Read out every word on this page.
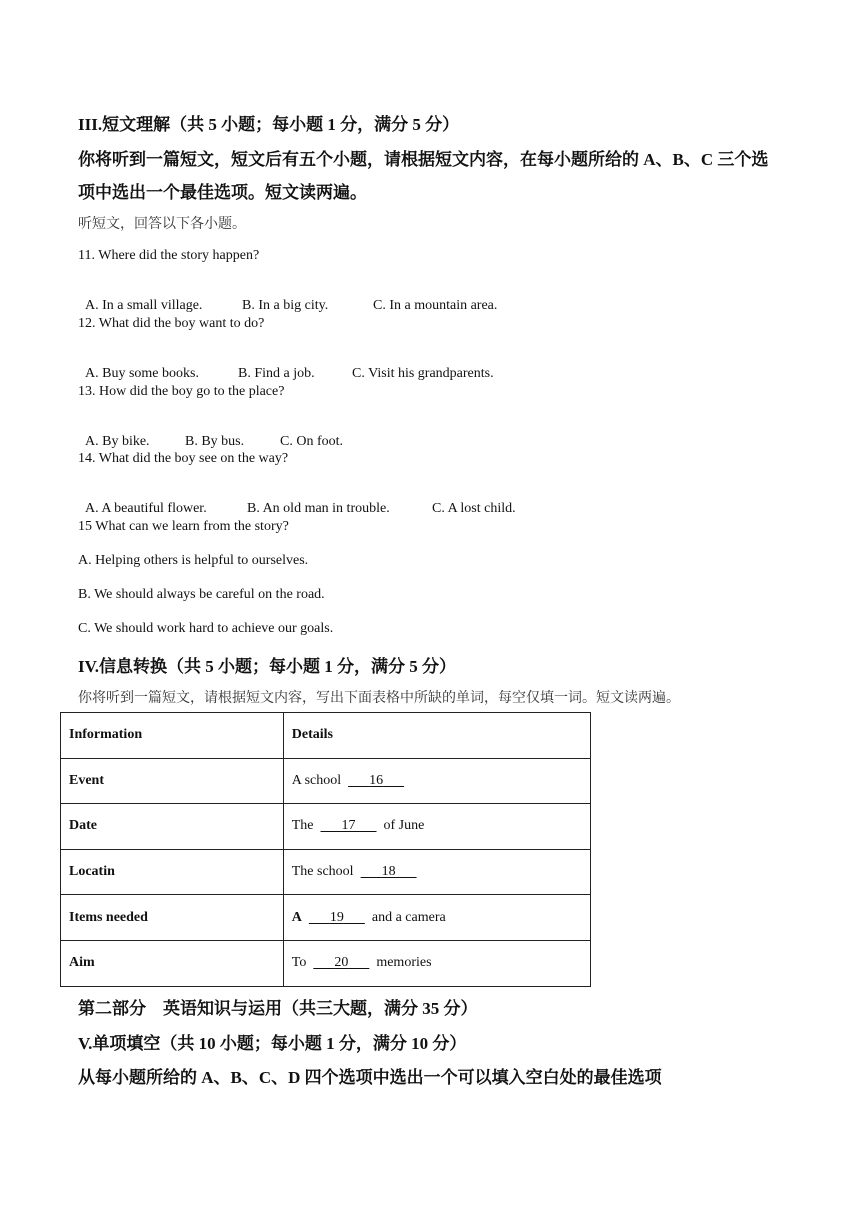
III.短文理解（共 5 小题；每小题 1 分，满分 5 分）
你将听到一篇短文，短文后有五个小题，请根据短文内容，在每小题所给的 A、B、C 三个选
项中选出一个最佳选项。短文读两遍。
听短文，回答以下各小题。
11. Where did the story happen?

A. In a small village.	B. In a big city.	C. In a mountain area.

12. What did the boy want to do?

A. Buy some books.	B. Find a job.	C. Visit his grandparents.

13. How did the boy go to the place?

A. By bike.	B. By bus.	C. On foot.

14. What did the boy see on the way?

A. A beautiful flower.	B. An old man in trouble.	C. A lost child.

15 What can we learn from the story?
A. Helping others is helpful to ourselves.
B. We should always be careful on the road.
C. We should work hard to achieve our goals.
IV.信息转换（共 5 小题；每小题 1 分，满分 5 分）
你将听到一篇短文，请根据短文内容，写出下面表格中所缺的单词，每空仅填一词。短文读两遍。
Information	Details
Event	A school 16
Date	The 17 of June
Locatin	The school 18
Items needed	A 19 and a camera
Aim	To 20 memories
第二部分　英语知识与运用（共三大题，满分 35 分）
V.单项填空（共 10 小题；每小题 1 分，满分 10 分）
从每小题所给的 A、B、C、D 四个选项中选出一个可以填入空白处的最佳选项
